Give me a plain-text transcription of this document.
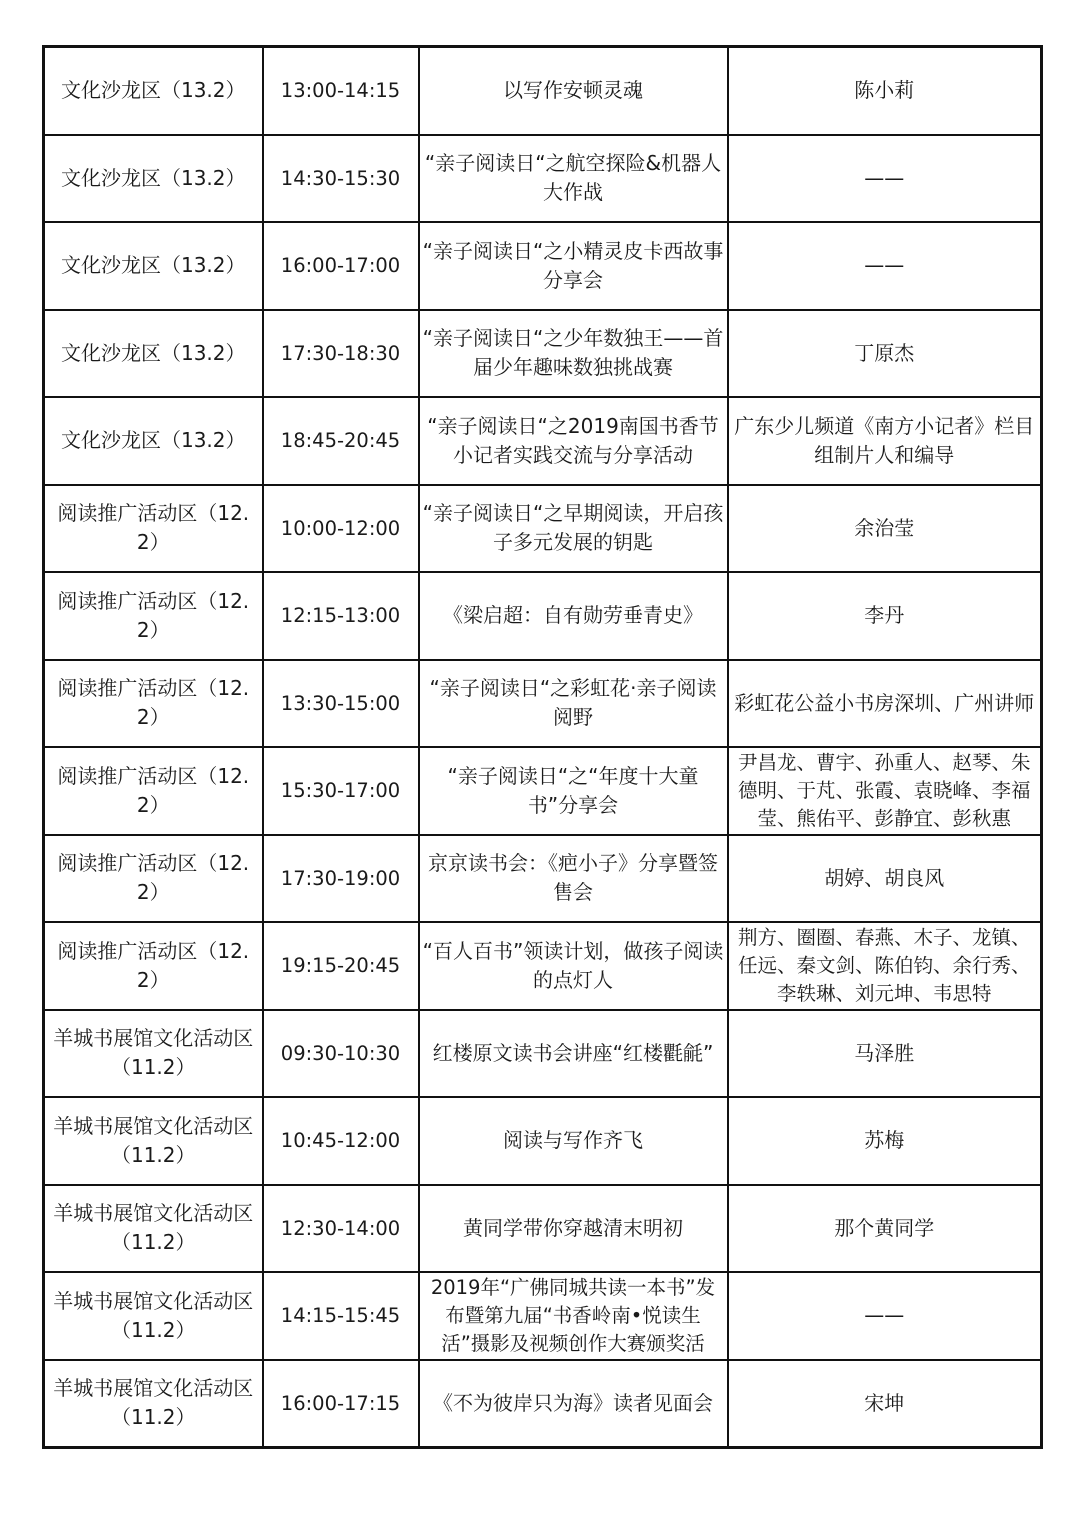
文化沙龙区（13.2）	13:00-14:15	以写作安顿灵魂	陈小莉
文化沙龙区（13.2）	14:30-15:30	“亲子阅读日“之航空探险&机器人大作战	——
文化沙龙区（13.2）	16:00-17:00	“亲子阅读日“之小精灵皮卡西故事分享会	——
文化沙龙区（13.2）	17:30-18:30	“亲子阅读日“之少年数独王——首届少年趣味数独挑战赛	丁原杰
文化沙龙区（13.2）	18:45-20:45	“亲子阅读日“之2019南国书香节小记者实践交流与分享活动	广东少儿频道《南方小记者》栏目组制片人和编导
阅读推广活动区（12.2）	10:00-12:00	“亲子阅读日“之早期阅读，开启孩子多元发展的钥匙	余治莹
阅读推广活动区（12.2）	12:15-13:00	《梁启超：自有勋劳垂青史》	李丹
阅读推广活动区（12.2）	13:30-15:00	“亲子阅读日“之彩虹花·亲子阅读阅野	彩虹花公益小书房深圳、广州讲师
阅读推广活动区（12.2）	15:30-17:00	“亲子阅读日“之“年度十大童书”分享会	尹昌龙、曹宇、孙重人、赵琴、朱德明、于芃、张霞、袁晓峰、李福莹、熊佑平、彭静宜、彭秋惠
阅读推广活动区（12.2）	17:30-19:00	京京读书会：《疤小子》分享暨签售会	胡婷、胡良风
阅读推广活动区（12.2）	19:15-20:45	“百人百书”领读计划，做孩子阅读的点灯人	荆方、圈圈、春燕、木子、龙镇、任远、秦文剑、陈伯钧、余行秀、李轶琳、刘元坤、韦思特
羊城书展馆文化活动区（11.2）	09:30-10:30	红楼原文读书会讲座“红楼氍毹”	马泽胜
羊城书展馆文化活动区（11.2）	10:45-12:00	阅读与写作齐飞	苏梅
羊城书展馆文化活动区（11.2）	12:30-14:00	黄同学带你穿越清末明初	那个黄同学
羊城书展馆文化活动区（11.2）	14:15-15:45	2019年“广佛同城共读一本书”发布暨第九届“书香岭南•悦读生活”摄影及视频创作大赛颁奖活	——
羊城书展馆文化活动区（11.2）	16:00-17:15	《不为彼岸只为海》读者见面会	宋坤
